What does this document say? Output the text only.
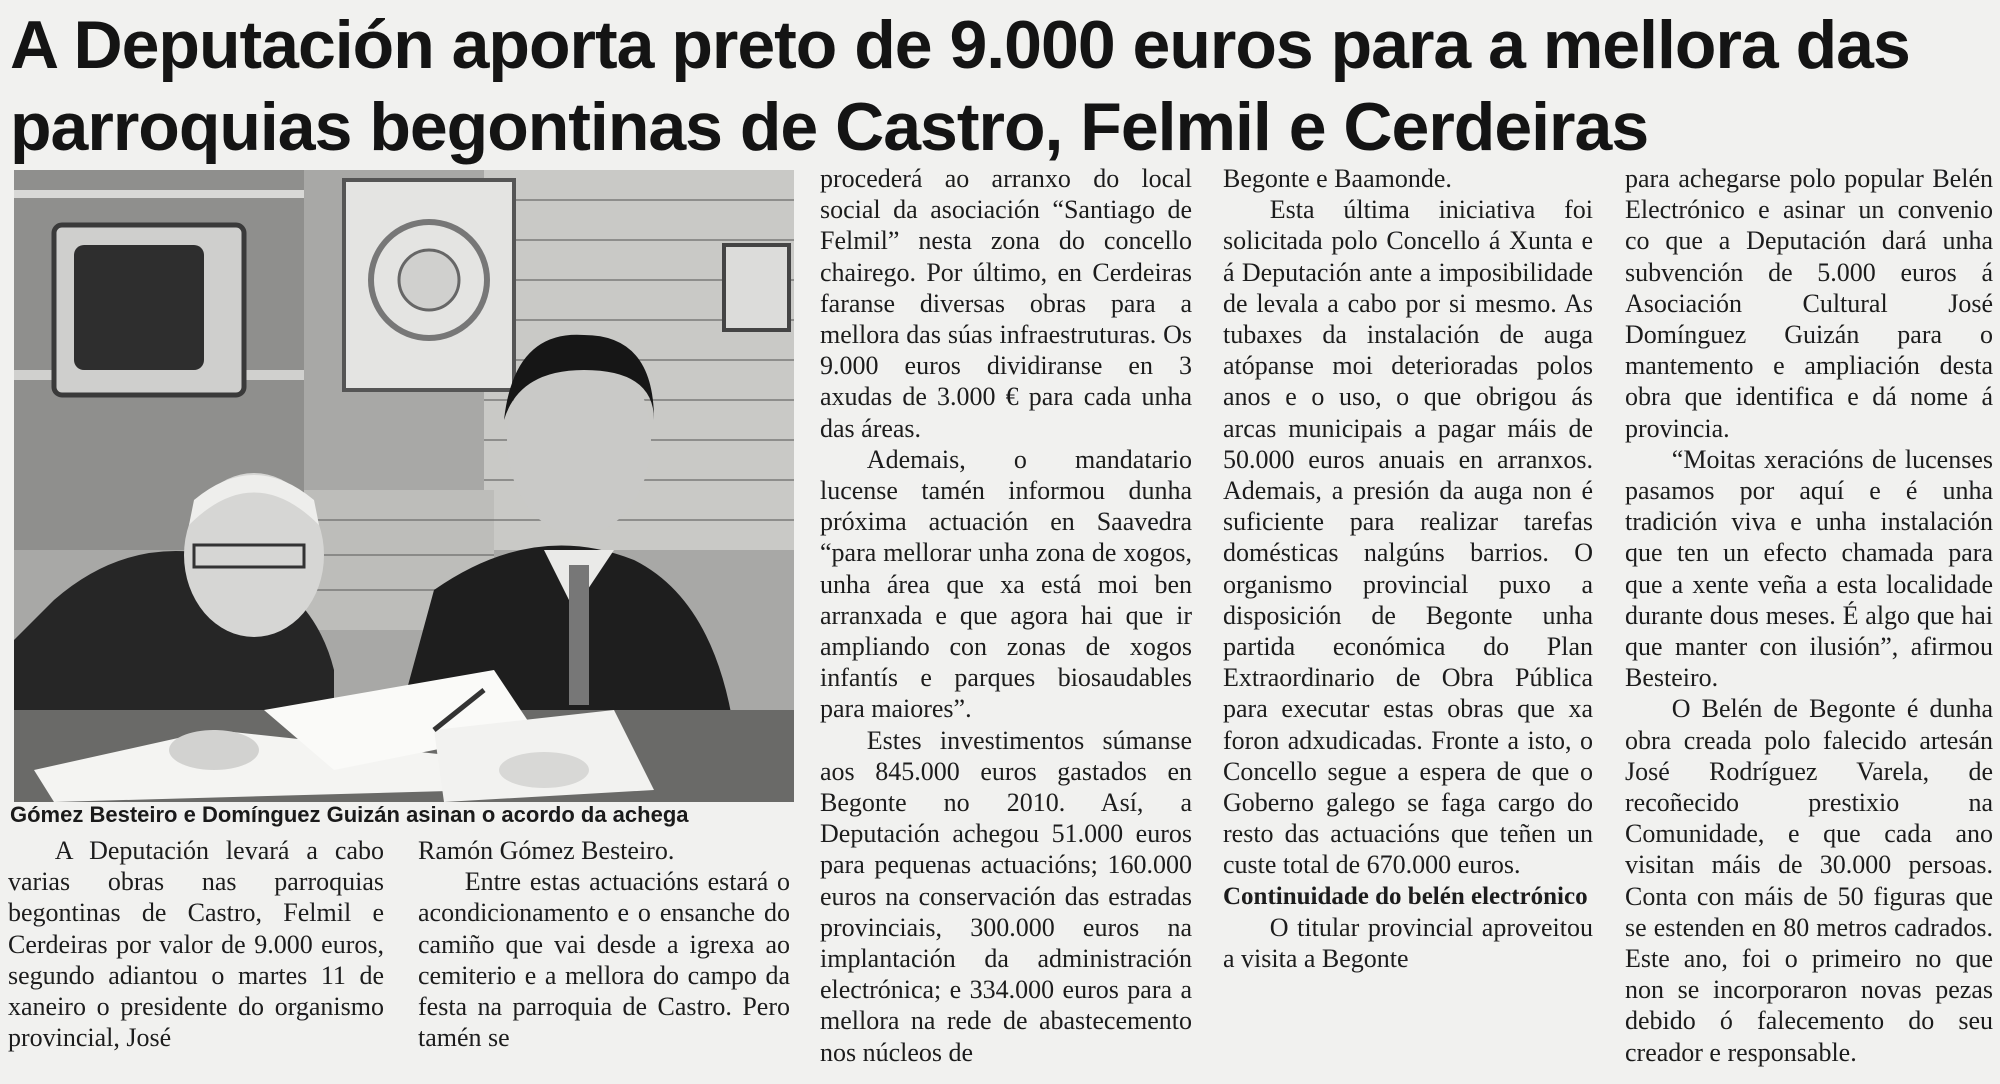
A Deputación aporta preto de 9.000 euros para a mellora das
parroquias begontinas de Castro, Felmil e Cerdeiras
Gómez Besteiro e Domínguez Guizán asinan o acordo da achega

A Deputación levará a cabo varias obras nas parroquias begontinas de Castro, Felmil e Cerdeiras por valor de 9.000 euros, segundo adiantou o martes 11 de xaneiro o presidente do organismo provincial, José

Ramón Gómez Besteiro.

Entre estas actuacións estará o acondicionamento e o ensanche do camiño que vai desde a igrexa ao cemiterio e a mellora do campo da festa na parroquia de Castro. Pero tamén se

procederá ao arranxo do local social da asociación “Santiago de Felmil” nesta zona do concello chairego. Por último, en Cerdeiras faranse diversas obras para a mellora das súas infraestruturas. Os 9.000 euros dividiranse en 3 axudas de 3.000 € para cada unha das áreas.

Ademais, o mandatario lucense tamén informou dunha próxima actuación en Saavedra “para mellorar unha zona de xogos, unha área que xa está moi ben arranxada e que agora hai que ir ampliando con zonas de xogos infantís e parques biosaudables para maiores”.

Estes investimentos súmanse aos 845.000 euros gastados en Begonte no 2010. Así, a Deputación achegou 51.000 euros para pequenas actuacións; 160.000 euros na conservación das estradas provinciais, 300.000 euros na implantación da administración electrónica; e 334.000 euros para a mellora na rede de abastecemento nos núcleos de

Begonte e Baamonde.

Esta última iniciativa foi solicitada polo Concello á Xunta e á Deputación ante a imposibilidade de levala a cabo por si mesmo. As tubaxes da instalación de auga atópanse moi deterioradas polos anos e o uso, o que obrigou ás arcas municipais a pagar máis de 50.000 euros anuais en arranxos. Ademais, a presión da auga non é suficiente para realizar tarefas domésticas nalgúns barrios. O organismo provincial puxo a disposición de Begonte unha partida económica do Plan Extraordinario de Obra Pública para executar estas obras que xa foron adxudicadas. Fronte a isto, o Concello segue a espera de que o Goberno galego se faga cargo do resto das actuacións que teñen un custe total de 670.000 euros.

Continuidade do belén electrónico

O titular provincial aproveitou a visita a Begonte

para achegarse polo popular Belén Electrónico e asinar un convenio co que a Deputación dará unha subvención de 5.000 euros á Asociación Cultural José Domínguez Guizán para o mantemento e ampliación desta obra que identifica e dá nome á provincia.

“Moitas xeracións de lucenses pasamos por aquí e é unha tradición viva e unha instalación que ten un efecto chamada para que a xente veña a esta localidade durante dous meses. É algo que hai que manter con ilusión”, afirmou Besteiro.

O Belén de Begonte é dunha obra creada polo falecido artesán José Rodríguez Varela, de recoñecido prestixio na Comunidade, e que cada ano visitan máis de 30.000 persoas. Conta con máis de 50 figuras que se estenden en 80 metros cadrados. Este ano, foi o primeiro no que non se incorporaron novas pezas debido ó falecemento do seu creador e responsable.
